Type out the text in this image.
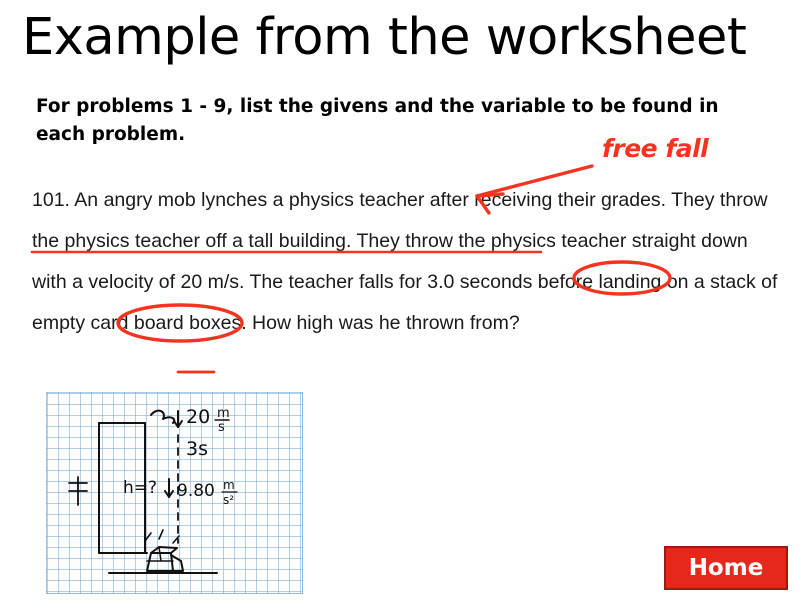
Example from the worksheet
For problems 1 - 9, list the givens and the variable to be found in each problem.
101. An angry mob lynches a physics teacher after receiving their grades. They throw the physics teacher off a tall building. They throw the physics teacher straight down with a velocity of 20 m/s. The teacher falls for 3.0 seconds before landing on a stack of empty card board boxes. How high was he thrown from?
free fall
20 m
s
3s
h=? 9.80 m
s²
Home
